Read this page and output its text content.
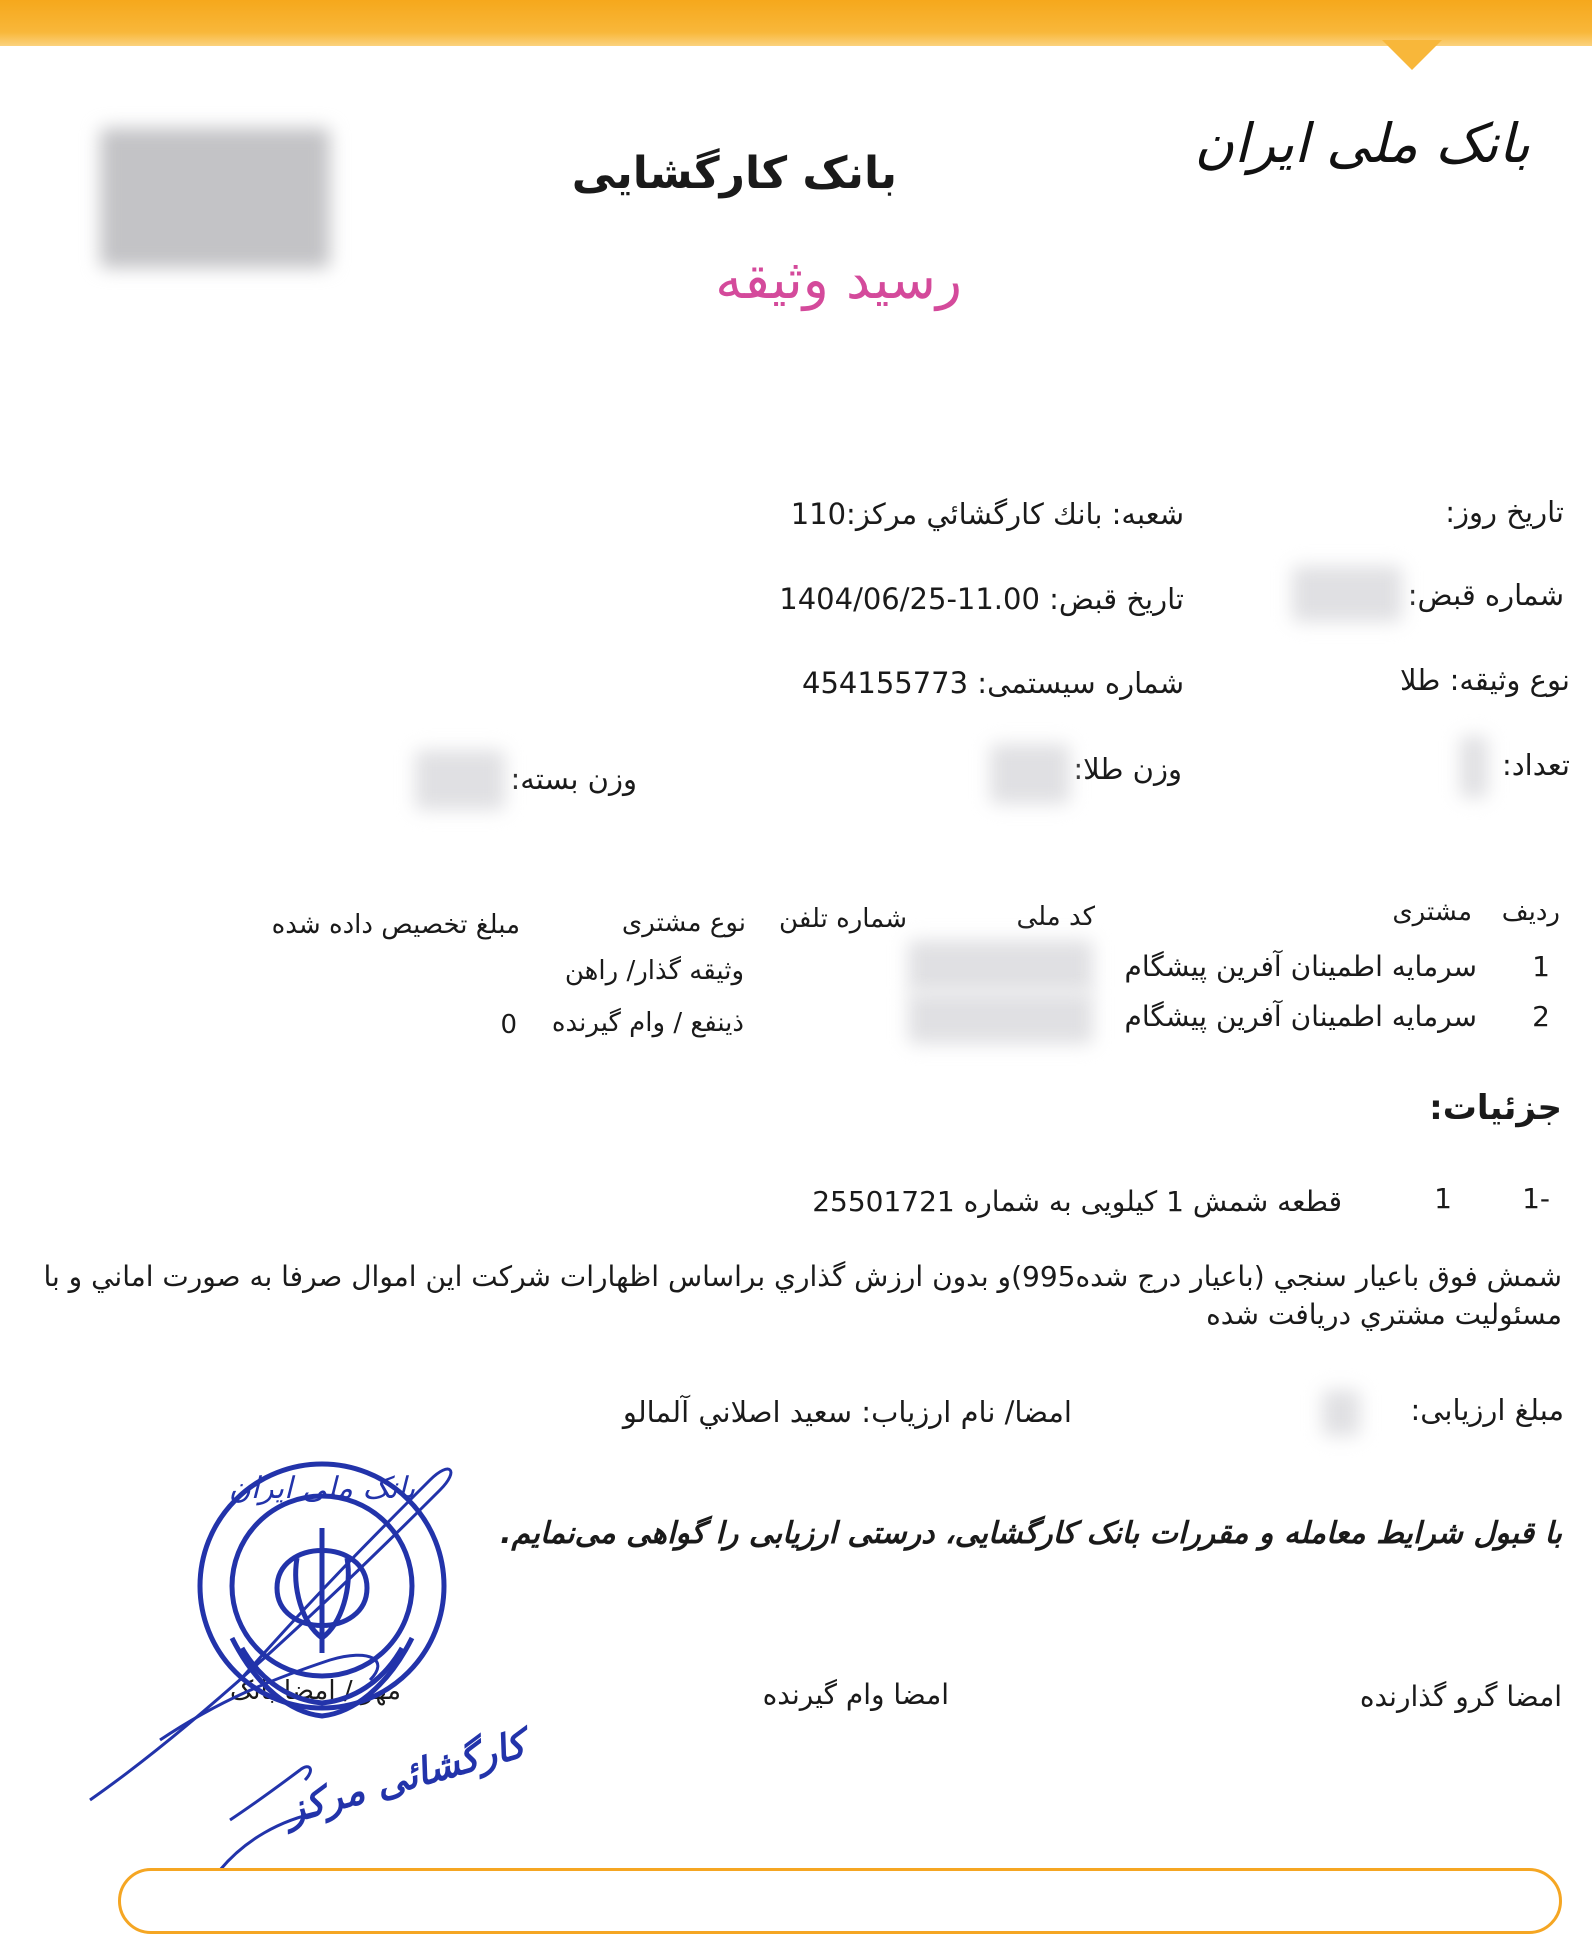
بانک ملی ایران
بانک کارگشایی
رسید وثیقه
تاریخ روز:
شعبه: بانك كارگشائي مركز:110
شماره قبض:
تاریخ قبض: 11.00-1404/06/25
نوع وثیقه: طلا
شماره سیستمی: 454155773
تعداد:
وزن طلا:
وزن بسته:
ردیف
مشتری
کد ملی
شماره تلفن
نوع مشتری
مبلغ تخصیص داده شده
1
سرمایه اطمینان آفرین پیشگام
وثیقه گذار/ راهن
2
سرمایه اطمینان آفرین پیشگام
ذینفع / وام گیرنده
0
جزئیات:
-1
1
قطعه شمش 1 کیلویی به شماره 25501721
شمش فوق باعيار سنجي (باعيار درج شده995)و بدون ارزش گذاري براساس اظهارات شركت اين اموال صرفا به صورت اماني و با مسئوليت مشتري دريافت شده
مبلغ ارزیابی:
امضا/ نام ارزیاب: سعید اصلاني آلمالو
با قبول شرایط معامله و مقررات بانک کارگشایی، درستی ارزیابی را گواهی می‌نمایم.
امضا گرو گذارنده
امضا وام گیرنده
مهر / امضا بانک
بانک ملی ایران
کارگشائی مرکز
